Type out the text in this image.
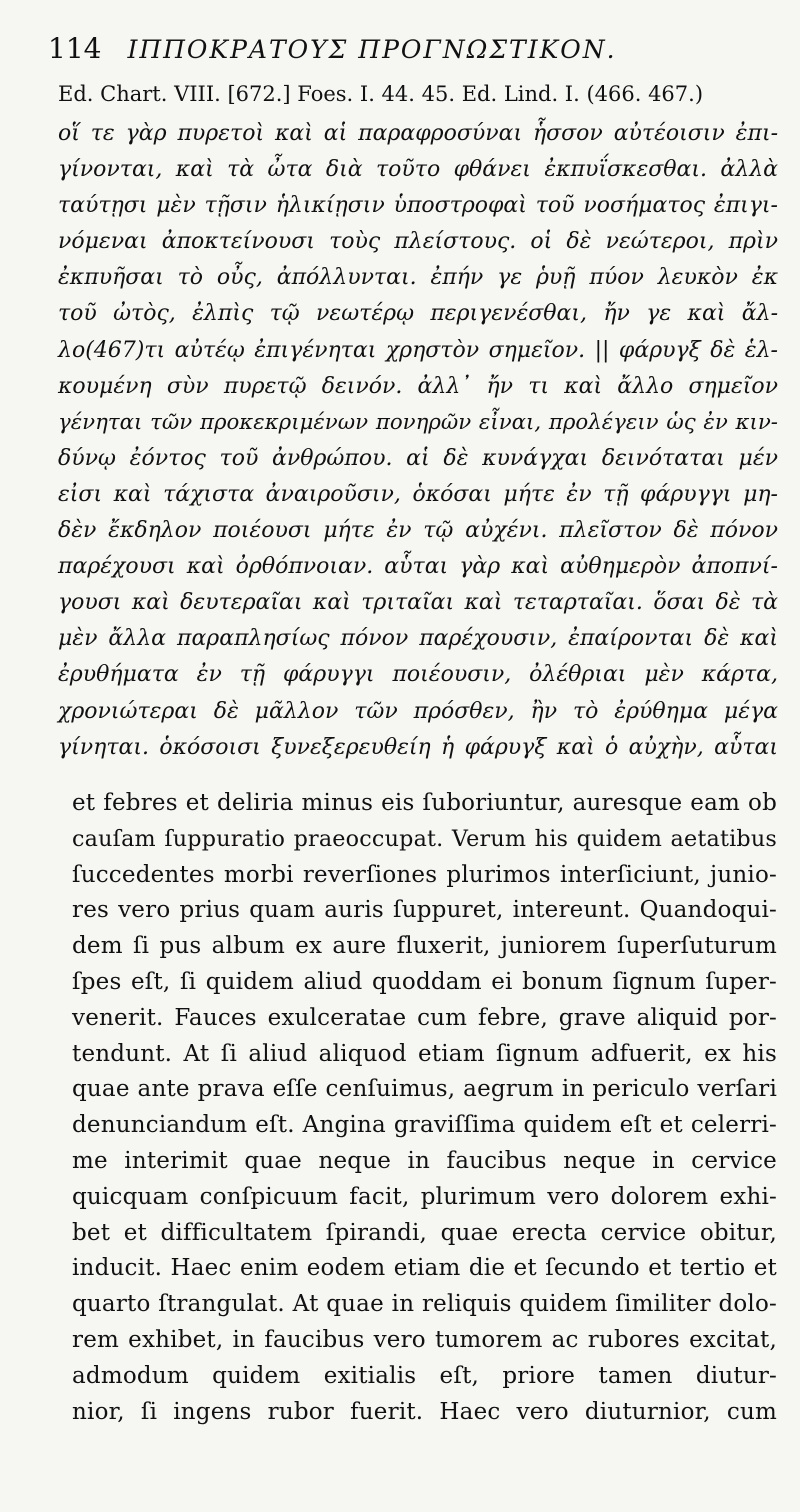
114 ΙΠΠΟΚΡΑΤΟΥΣ ΠΡΟΓΝΩΣΤΙΚΟΝ.
Ed. Chart. VIII. [672.] Foes. I. 44. 45. Ed. Lind. I. (466. 467.)
οἵ τε γὰρ πυρετοὶ καὶ αἱ παραφροσύναι ἧσσον αὐτέοισιν ἐπι-
γίνονται, καὶ τὰ ὦτα διὰ τοῦτο φθάνει ἐκπυΐσκεσθαι. ἀλλὰ
ταύτῃσι μὲν τῇσιν ἡλικίῃσιν ὑποστροφαὶ τοῦ νοσήματος ἐπιγι-
νόμεναι ἀποκτείνουσι τοὺς πλείστους. οἱ δὲ νεώτεροι, πρὶν
ἐκπυῆσαι τὸ οὖς, ἀπόλλυνται. ἐπήν γε ῥυῇ πύον λευκὸν ἐκ
τοῦ ὠτὸς, ἐλπὶς τῷ νεωτέρῳ περιγενέσθαι, ἤν γε καὶ ἄλ-
λο(467)τι αὐτέῳ ἐπιγένηται χρηστὸν σημεῖον. || φάρυγξ δὲ ἑλ-
κουμένη σὺν πυρετῷ δεινόν. ἀλλ᾽ ἤν τι καὶ ἄλλο σημεῖον
γένηται τῶν προκεκριμένων πονηρῶν εἶναι, προλέγειν ὡς ἐν κιν-
δύνῳ ἐόντος τοῦ ἀνθρώπου. αἱ δὲ κυνάγχαι δεινόταται μέν
εἰσι καὶ τάχιστα ἀναιροῦσιν, ὁκόσαι μήτε ἐν τῇ φάρυγγι μη-
δὲν ἔκδηλον ποιέουσι μήτε ἐν τῷ αὐχένι. πλεῖστον δὲ πόνον
παρέχουσι καὶ ὀρθόπνοιαν. αὗται γὰρ καὶ αὐθημερὸν ἀποπνί-
γουσι καὶ δευτεραῖαι καὶ τριταῖαι καὶ τεταρταῖαι. ὅσαι δὲ τὰ
μὲν ἄλλα παραπλησίως πόνον παρέχουσιν, ἐπαίρονται δὲ καὶ
ἐρυθήματα ἐν τῇ φάρυγγι ποιέουσιν, ὀλέθριαι μὲν κάρτα,
χρονιώτεραι δὲ μᾶλλον τῶν πρόσθεν, ἢν τὸ ἐρύθημα μέγα
γίνηται. ὁκόσοισι ξυνεξερευθείη ἡ φάρυγξ καὶ ὁ αὐχὴν, αὗται
et febres et deliria minus eis ſuboriuntur, auresque eam ob
cauſam ſuppuratio praeoccupat. Verum his quidem aetatibus
ſuccedentes morbi reverſiones plurimos interſiciunt, junio-
res vero prius quam auris ſuppuret, intereunt. Quandoqui-
dem ſi pus album ex aure fluxerit, juniorem ſuperſuturum
ſpes eſt, ſi quidem aliud quoddam ei bonum ſignum ſuper-
venerit. Fauces exulceratae cum febre, grave aliquid por-
tendunt. At ſi aliud aliquod etiam ſignum adfuerit, ex his
quae ante prava eſſe cenſuimus, aegrum in periculo verſari
denunciandum eſt. Angina graviſſima quidem eſt et celerri-
me interimit quae neque in faucibus neque in cervice
quicquam conſpicuum facit, plurimum vero dolorem exhi-
bet et difficultatem ſpirandi, quae erecta cervice obitur,
inducit. Haec enim eodem etiam die et ſecundo et tertio et
quarto ſtrangulat. At quae in reliquis quidem ſimiliter dolo-
rem exhibet, in faucibus vero tumorem ac rubores excitat,
admodum quidem exitialis eſt, priore tamen diutur-
nior, ſi ingens rubor fuerit. Haec vero diuturnior, cum
